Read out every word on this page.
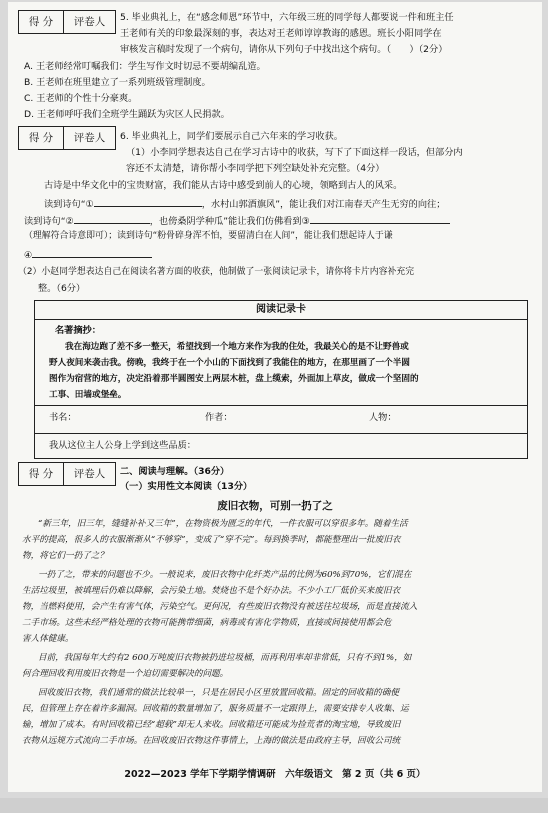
得 分	评卷人	5. 毕业典礼上，在“感念师恩”环节中，六年级三班的同学每人都要说一件和班主任
王老师有关的印象最深刻的事，表达对王老师谆谆教诲的感恩。班长小阳同学在
审核发言稿时发现了一个病句，请你从下列句子中找出这个病句。（　　）（2分）
A. 王老师经常叮嘱我们：学生写作文时切忌不要胡编乱造。
B. 王老师在班里建立了一系列班级管理制度。
C. 王老师的个性十分豪爽。
D. 王老师呼吁我们全班学生踊跃为灾区人民捐款。
得 分	评卷人	6. 毕业典礼上，同学们要展示自己六年来的学习收获。
（1）小李同学想表达自己在学习古诗中的收获，写下了下面这样一段话，但部分内
容还不太清楚，请你帮小李同学把下列空缺处补充完整。（4分）
古诗是中华文化中的宝贵财富，我们能从古诗中感受到前人的心境，领略到古人的风采。
读到诗句“①	，水村山郭酒旗风”，能让我们对江南春天产生无穷的向往；
读到诗句“②	，也傍桑阴学种瓜”能让我们仿佛看到③
（理解符合诗意即可）；读到诗句“粉骨碎身浑不怕，要留清白在人间”，能让我们想起诗人于谦
④
（2）小赵同学想表达自己在阅读名著方面的收获，他制做了一张阅读记录卡，请你将卡片内容补充完
整。（6分）
阅读记录卡
名著摘抄：
我在海边跑了差不多一整天，希望找到一个地方来作为我的住处，我最关心的是不让野兽或
野人夜间来袭击我。傍晚，我终于在一个小山的下面找到了我能住的地方，在那里画了一个半圆
图作为宿营的地方，决定沿着那半圆图安上两层木桩，盘上缆索，外面加上草皮，做成一个坚固的
工事、田墙或堡垒。
书名：	作者：	人物：
我从这位主人公身上学到这些品质：
得 分	评卷人	二、阅读与理解。（36分）
（一）实用性文本阅读（13分）
废旧衣物，可别一扔了之
“新三年，旧三年，缝缝补补又三年”，在物资极为匮乏的年代，一件衣服可以穿很多年。随着生活
水平的提高，很多人的衣服渐渐从“不够穿”，变成了“穿不完”。每到换季时，都能整理出一批废旧衣
物，将它们一扔了之？
一扔了之，带来的问题也不少。一般说来，废旧衣物中化纤类产品的比例为60%到70%，它们混在
生活垃圾里，被填埋后仍难以降解，会污染土地。焚烧也不是个好办法。不少小工厂低价买来废旧衣
物，当燃料使用，会产生有害气体，污染空气。更何况，有些废旧衣物没有被送往垃圾场，而是直接流入
二手市场。这些未经严格处理的衣物可能携带细菌，病毒或有害化学物质，直接或间接使用都会危
害人体健康。
目前，我国每年大约有2 600万吨废旧衣物被扔进垃圾桶，而再利用率却非常低，只有不到1%，如
何合理回收利用废旧衣物是一个迫切需要解决的问题。
回收废旧衣物，我们通常的做法比较单一，只是在居民小区里放置回收箱。固定的回收箱的确便
民，但管理上存在着许多漏洞。回收箱的数量增加了，服务质量不一定跟得上，需要安排专人收集、运
输，增加了成本。有时回收箱已经“超载”却无人来收。回收箱还可能成为捡荒者的淘宝地，导致废旧
衣物从远规方式流向二手市场。在回收废旧衣物这件事情上，上海的做法是由政府主导，回收公司统
2022—2023 学年下学期学情调研　六年级语文　第 2 页（共 6 页）
